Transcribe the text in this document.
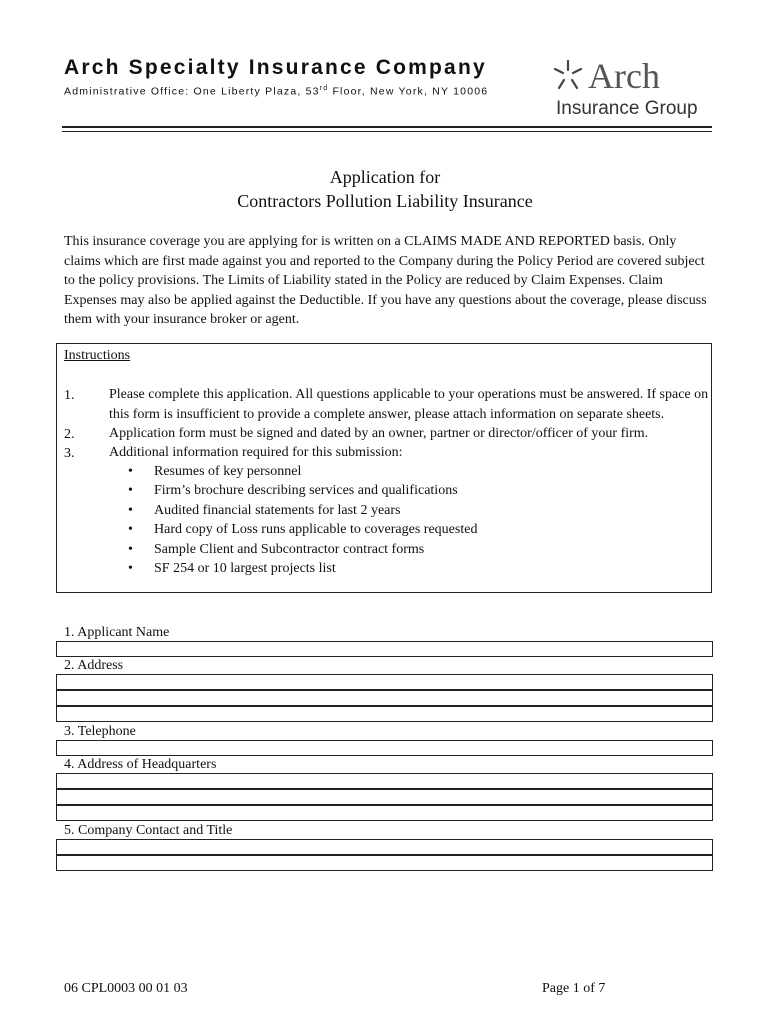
Arch Specialty Insurance Company
Administrative Office: One Liberty Plaza, 53rd Floor, New York, NY 10006	Arch
Insurance Group
Application for
Contractors Pollution Liability Insurance
This insurance coverage you are applying for is written on a CLAIMS MADE AND REPORTED basis. Only claims which are first made against you and reported to the Company during the Policy Period are covered subject to the policy provisions. The Limits of Liability stated in the Policy are reduced by Claim Expenses. Claim Expenses may also be applied against the Deductible. If you have any questions about the coverage, please discuss them with your insurance broker or agent.
Instructions
1. Please complete this application. All questions applicable to your operations must be answered. If space on this form is insufficient to provide a complete answer, please attach information on separate sheets.
2. Application form must be signed and dated by an owner, partner or director/officer of your firm.
3. Additional information required for this submission:
• Resumes of key personnel
• Firm’s brochure describing services and qualifications
• Audited financial statements for last 2 years
• Hard copy of Loss runs applicable to coverages requested
• Sample Client and Subcontractor contract forms
• SF 254 or 10 largest projects list
1. Applicant Name
2. Address
3. Telephone
4. Address of Headquarters
5. Company Contact and Title
06 CPL0003 00 01 03	Page 1 of 7
